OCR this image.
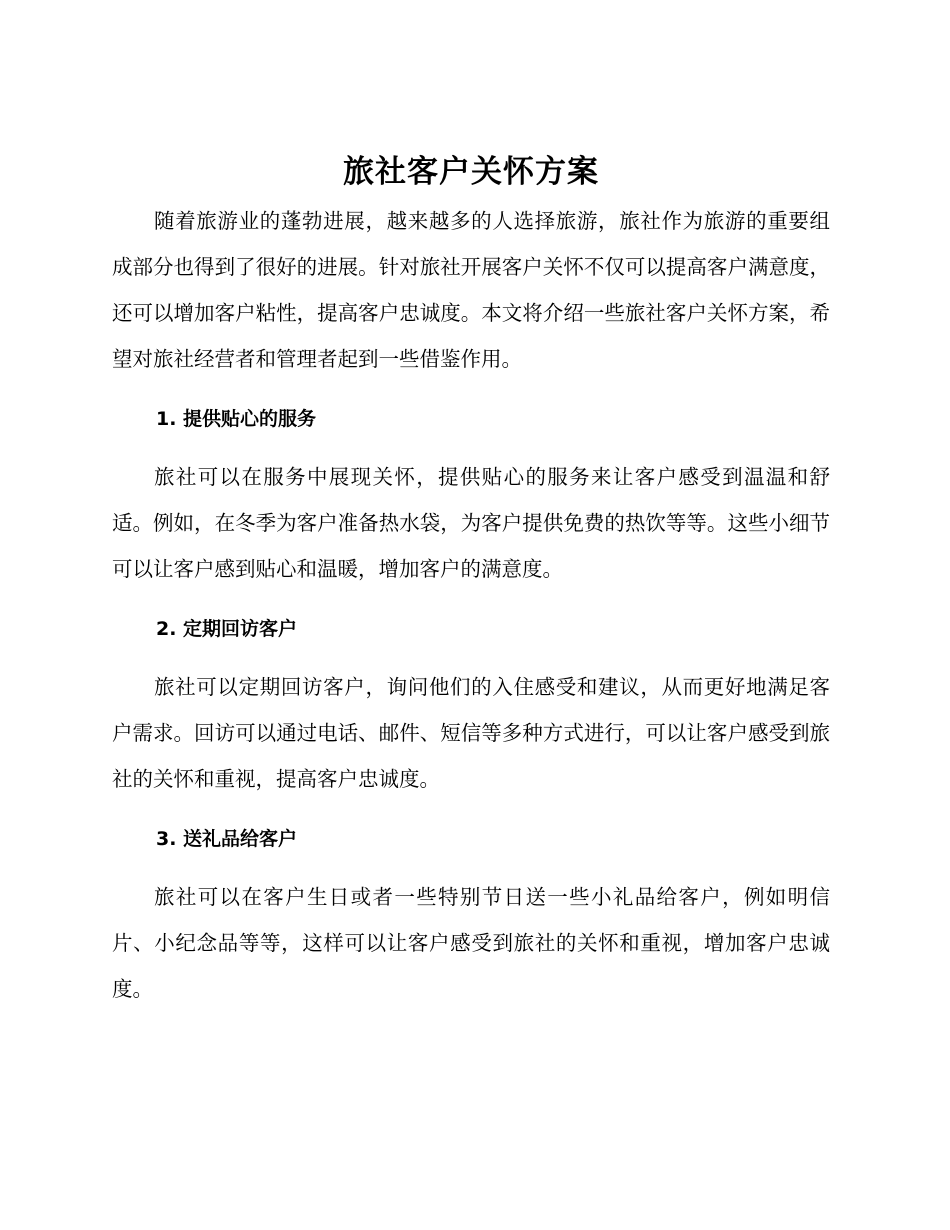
旅社客户关怀方案

随着旅游业的蓬勃进展，越来越多的人选择旅游，旅社作为旅游的重要组成部分也得到了很好的进展。针对旅社开展客户关怀不仅可以提高客户满意度，还可以增加客户粘性，提高客户忠诚度。本文将介绍一些旅社客户关怀方案，希望对旅社经营者和管理者起到一些借鉴作用。

1. 提供贴心的服务

旅社可以在服务中展现关怀，提供贴心的服务来让客户感受到温温和舒适。例如，在冬季为客户准备热水袋，为客户提供免费的热饮等等。这些小细节可以让客户感到贴心和温暖，增加客户的满意度。

2. 定期回访客户

旅社可以定期回访客户，询问他们的入住感受和建议，从而更好地满足客户需求。回访可以通过电话、邮件、短信等多种方式进行，可以让客户感受到旅社的关怀和重视，提高客户忠诚度。

3. 送礼品给客户

旅社可以在客户生日或者一些特别节日送一些小礼品给客户，例如明信片、小纪念品等等，这样可以让客户感受到旅社的关怀和重视，增加客户忠诚度。
